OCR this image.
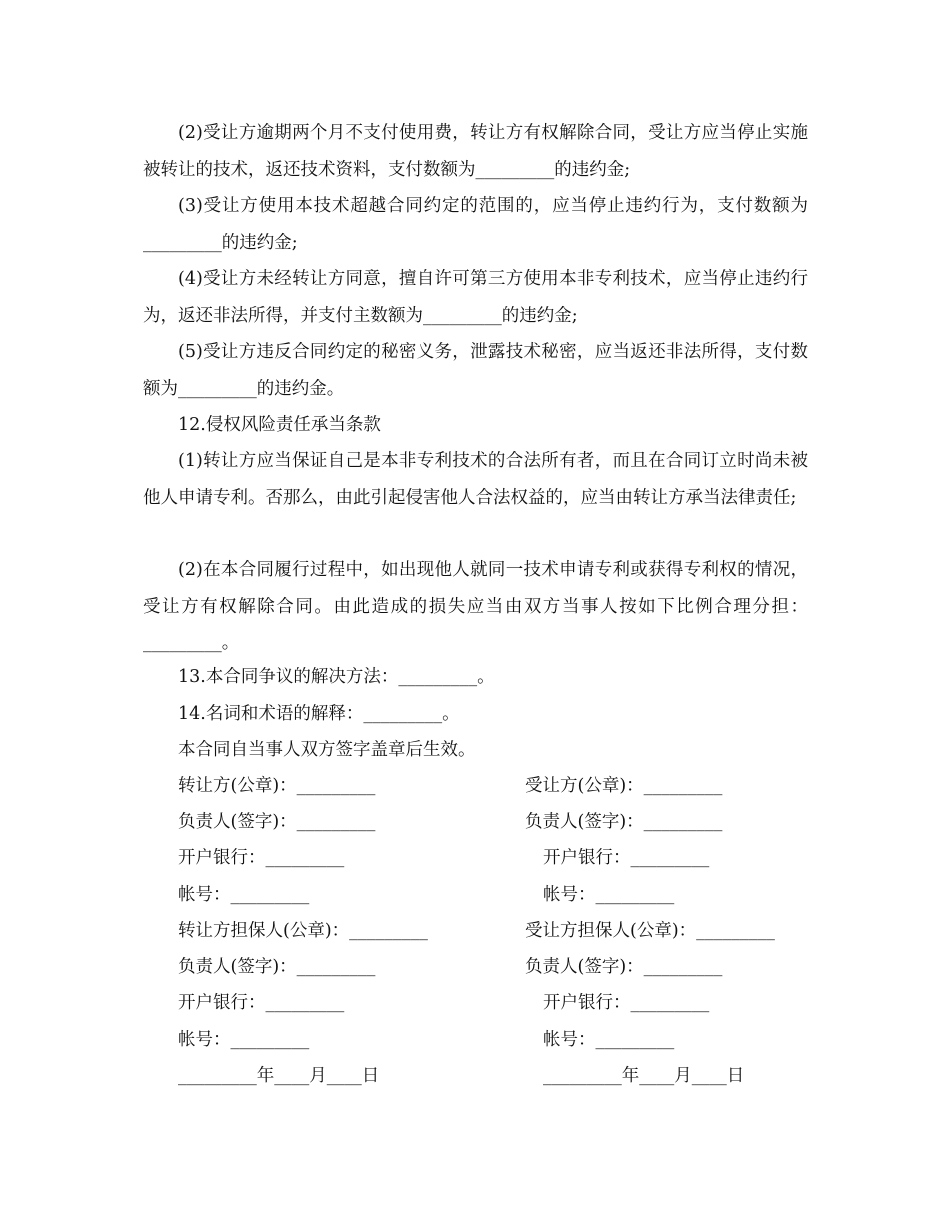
(2)受让方逾期两个月不支付使用费，转让方有权解除合同，受让方应当停止实施被转让的技术，返还技术资料，支付数额为_________的违约金;

(3)受让方使用本技术超越合同约定的范围的，应当停止违约行为，支付数额为_________的违约金;

(4)受让方未经转让方同意，擅自许可第三方使用本非专利技术，应当停止违约行为，返还非法所得，并支付主数额为_________的违约金;

(5)受让方违反合同约定的秘密义务，泄露技术秘密，应当返还非法所得，支付数额为_________的违约金。

12.侵权风险责任承当条款

(1)转让方应当保证自己是本非专利技术的合法所有者，而且在合同订立时尚未被他人申请专利。否那么，由此引起侵害他人合法权益的，应当由转让方承当法律责任;

(2)在本合同履行过程中，如出现他人就同一技术申请专利或获得专利权的情况，受让方有权解除合同。由此造成的损失应当由双方当事人按如下比例合理分担：_________。

13.本合同争议的解决方法：_________。

14.名词和术语的解释：_________。

本合同自当事人双方签字盖章后生效。

转让方(公章)：_________
负责人(签字)：_________
开户银行：_________
帐号：_________
转让方担保人(公章)：_________
负责人(签字)：_________
开户银行：_________
帐号：_________
_________年____月____日
受让方(公章)：_________
负责人(签字)：_________
开户银行：_________
帐号：_________
受让方担保人(公章)：_________
负责人(签字)：_________
开户银行：_________
帐号：_________
_________年____月____日
